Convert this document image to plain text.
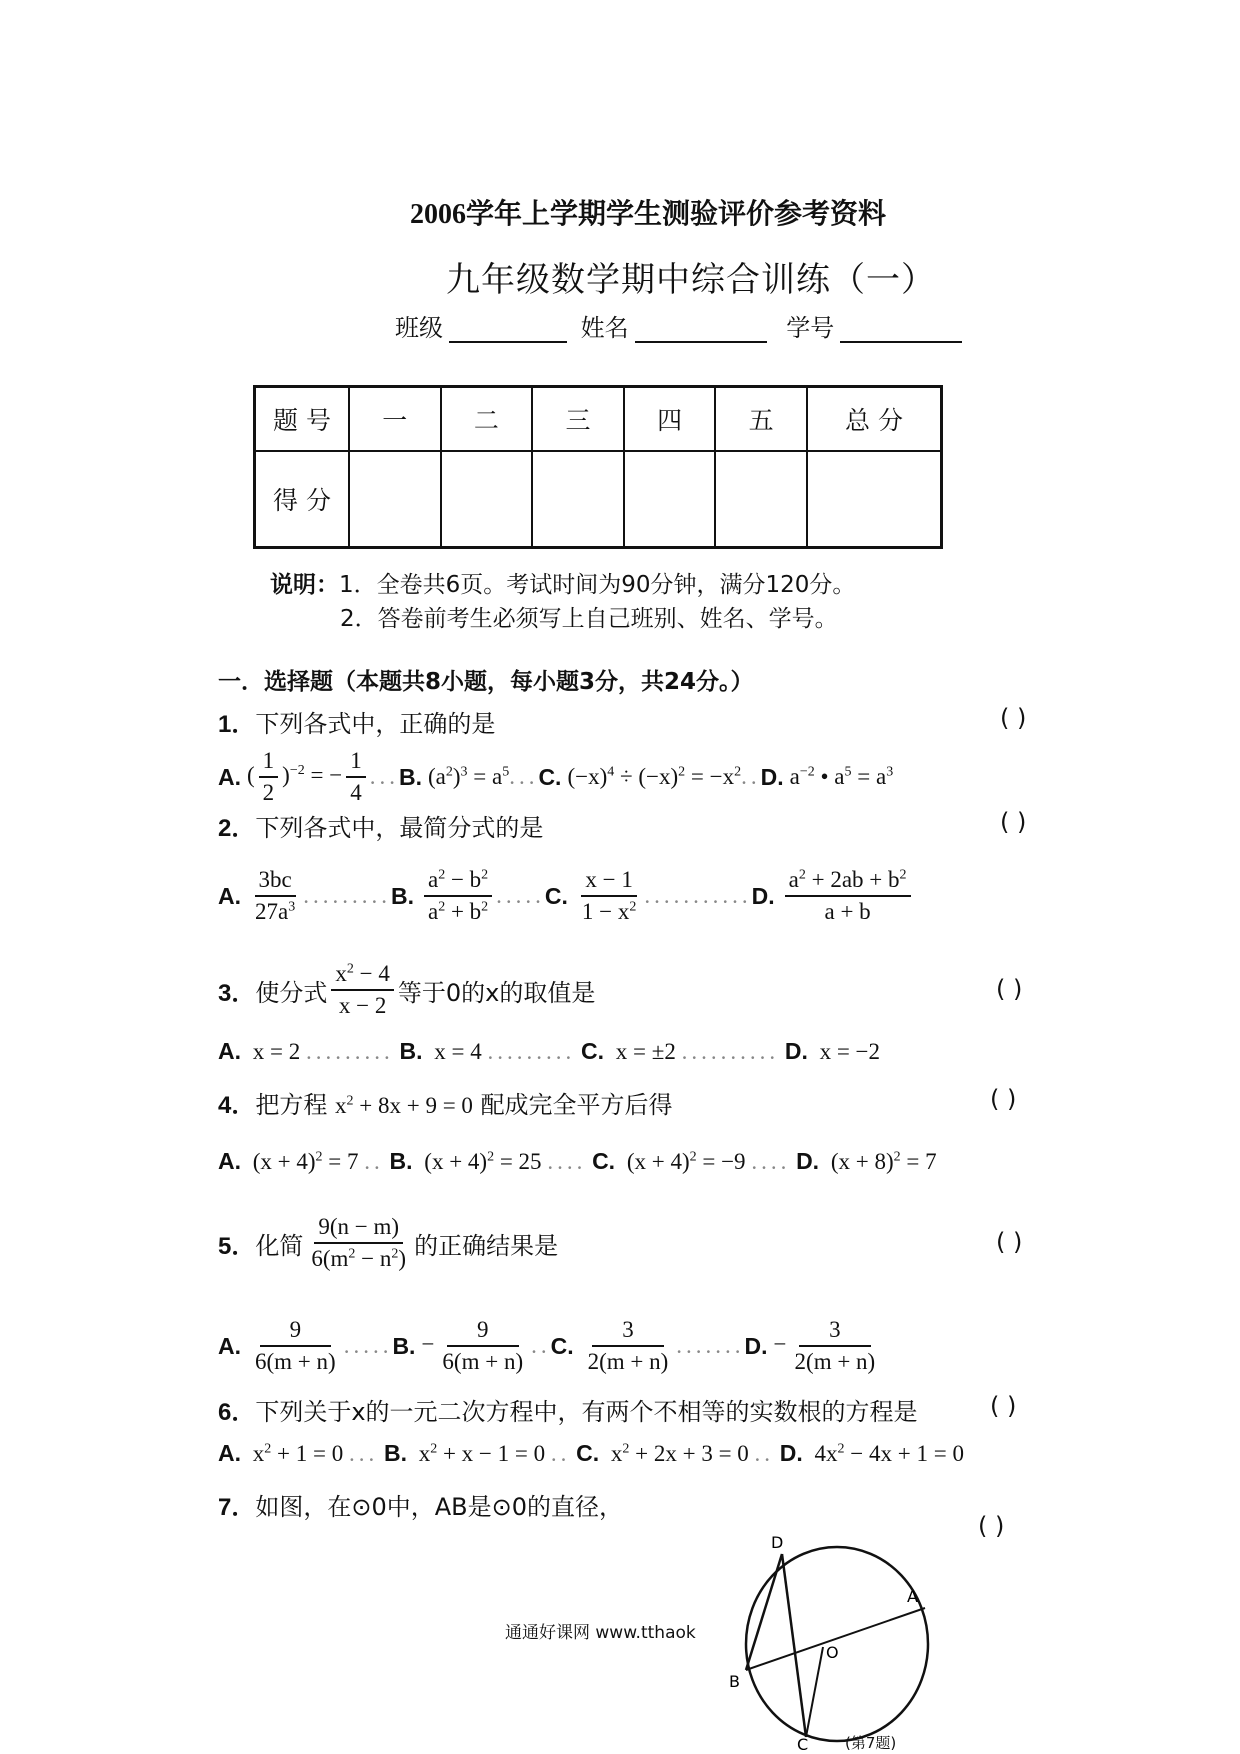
2006学年上学期学生测验评价参考资料
九年级数学期中综合训练（一）
班级	姓名	学号
题 号	一	二	三	四	五	总 分
得 分						
说明：1．全卷共6页。考试时间为90分钟，满分120分。
2．答卷前考生必须写上自己班别、姓名、学号。
一．选择题（本题共8小题，每小题3分，共24分。）
1．下列各式中，正确的是	( )
A. ( $\frac{1}{2} )^{-2}$ = − $\frac{1}{4}$ ... B. $(a^2)^3 = a^5$ ... C. $(-x)^4 \div (-x)^2 = -x^2$ .. D. $a^{-2}$ • $a^5 = a^3$
2．下列各式中，最简分式的是	( )
A. $\frac{3bc}{27a^3}$ ......... B. $\frac{a^2 - b^2}{a^2 + b^2}$ ..... C. $\frac{x - 1}{1 - x^2}$ ........... D. $\frac{a^2 + 2ab + b^2}{a + b}$
3． 使分式 $\frac{x^2 - 4}{x - 2}$ 等于0的x的取值是	( )
A. x = 2 ......... B. x = 4 ......... C. x = ±2 .......... D. x = −2
4．把方程 $x^2 + 8x + 9 = 0$ 配成完全平方后得	( )
A. $(x + 4)^2 = 7$ .. B. $(x + 4)^2 = 25$ .... C. $(x + 4)^2 = -9$ .... D. $(x + 8)^2 = 7$
5． 化简 $\frac{9(n - m)}{6(m^2 - n^2)}$ 的正确结果是	( )
A. $\frac{9}{6(m + n)}$ ..... B. − $\frac{9}{6(m + n)}$ .. C. $\frac{3}{2(m + n)}$ ....... D. − $\frac{3}{2(m + n)}$
6．下列关于x的一元二次方程中，有两个不相等的实数根的方程是	( )
A. $x^2 + 1 = 0$ ... B. $x^2 + x - 1 = 0$ .. C. $x^2 + 2x + 3 = 0$ .. D. $4x^2 - 4x + 1 = 0$
7．如图，在⊙0中，AB是⊙0的直径，
( )
D
A
O
B
C (第7题)
通通好课网 www.tthaok
